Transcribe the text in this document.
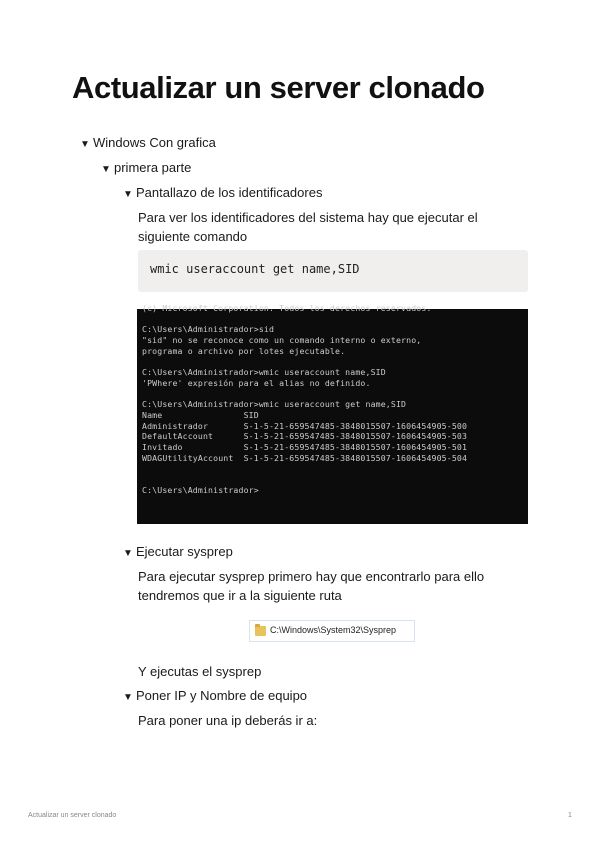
Actualizar un server clonado
▼ Windows Con grafica
▼ primera parte
▼ Pantallazo de los identificadores
Para ver los identificadores del sistema hay que ejecutar el
siguiente comando
wmic useraccount get name,SID
(c) Microsoft Corporation. Todos los derechos reservados.
C:\Users\Administrador>sid
"sid" no se reconoce como un comando interno o externo,
programa o archivo por lotes ejecutable.
C:\Users\Administrador>wmic useraccount name,SID
'PWhere' expresión para el alias no definido.
C:\Users\Administrador>wmic useraccount get name,SID
Name                SID
Administrador       S-1-5-21-659547485-3848015507-1606454905-500
DefaultAccount      S-1-5-21-659547485-3848015507-1606454905-503
Invitado            S-1-5-21-659547485-3848015507-1606454905-501
WDAGUtilityAccount  S-1-5-21-659547485-3848015507-1606454905-504
C:\Users\Administrador>
▼ Ejecutar sysprep
Para ejecutar sysprep primero hay que encontrarlo para ello
tendremos que ir a la siguiente ruta
C:\Windows\System32\Sysprep
Y ejecutas el sysprep
▼ Poner IP y Nombre de equipo
Para poner una ip deberás ir a:
Actualizar un server clonado	1
